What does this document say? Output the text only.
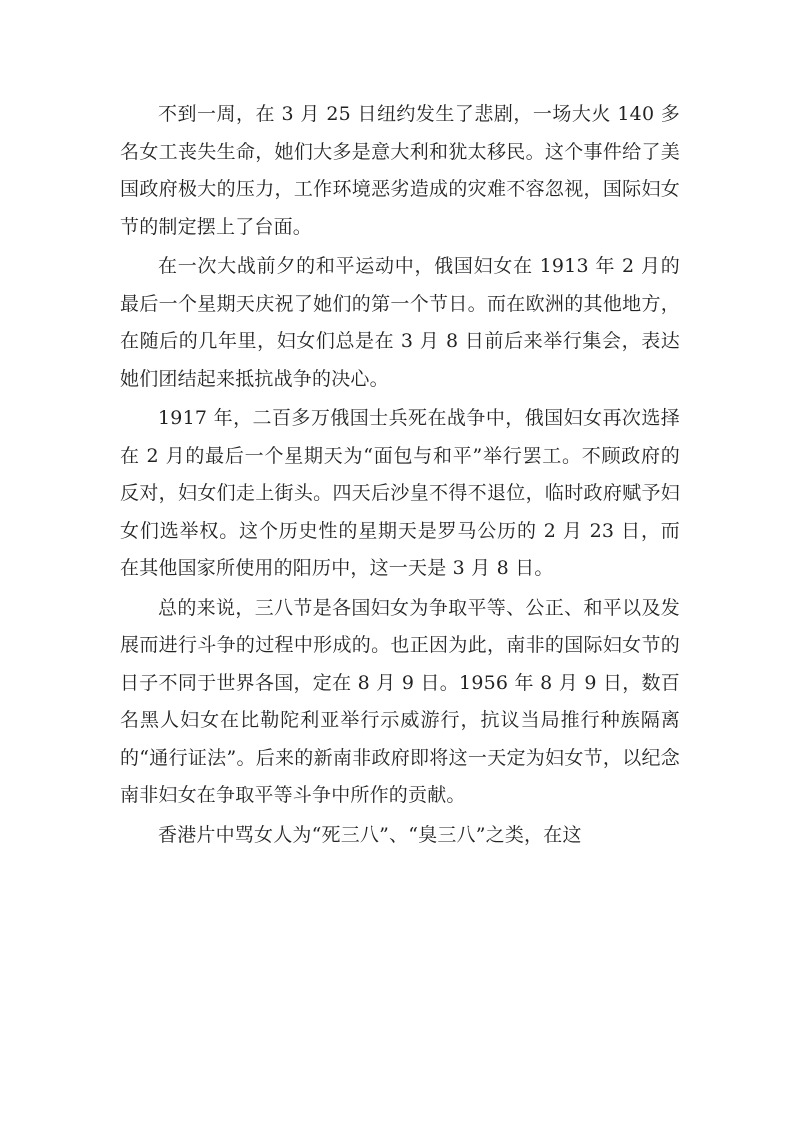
不到一周，在 3 月 25 日纽约发生了悲剧，一场大火 140 多名女工丧失生命，她们大多是意大利和犹太移民。这个事件给了美国政府极大的压力，工作环境恶劣造成的灾难不容忽视，国际妇女节的制定摆上了台面。

在一次大战前夕的和平运动中，俄国妇女在 1913 年 2 月的最后一个星期天庆祝了她们的第一个节日。而在欧洲的其他地方，在随后的几年里，妇女们总是在 3 月 8 日前后来举行集会，表达她们团结起来抵抗战争的决心。

1917 年，二百多万俄国士兵死在战争中，俄国妇女再次选择在 2 月的最后一个星期天为“面包与和平”举行罢工。不顾政府的反对，妇女们走上街头。四天后沙皇不得不退位，临时政府赋予妇女们选举权。这个历史性的星期天是罗马公历的 2 月 23 日，而在其他国家所使用的阳历中，这一天是 3 月 8 日。

总的来说，三八节是各国妇女为争取平等、公正、和平以及发展而进行斗争的过程中形成的。也正因为此，南非的国际妇女节的日子不同于世界各国，定在 8 月 9 日。1956 年 8 月 9 日，数百名黑人妇女在比勒陀利亚举行示威游行，抗议当局推行种族隔离的“通行证法”。后来的新南非政府即将这一天定为妇女节，以纪念南非妇女在争取平等斗争中所作的贡献。

香港片中骂女人为“死三八”、“臭三八”之类，在这
